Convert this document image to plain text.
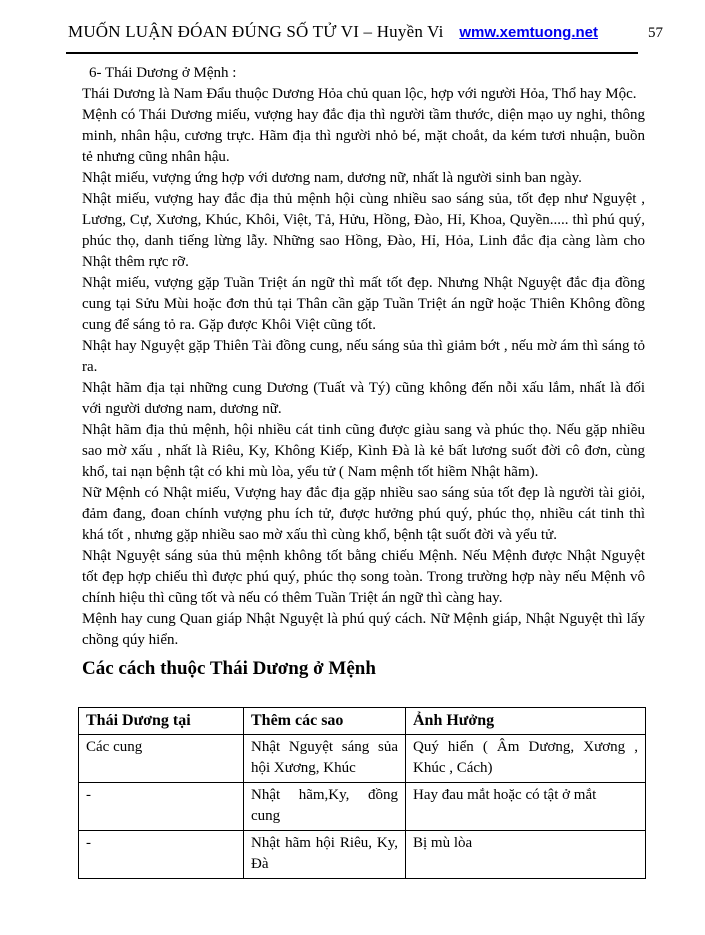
MUỐN LUẬN ĐÓAN ĐÚNG SỐ TỬ VI – Huyền Vi wmw.xemtuong.net	57

6- Thái Dương ở Mệnh :

Thái Dương là Nam Đẩu thuộc Dương Hỏa chủ quan lộc, hợp với người Hỏa, Thổ hay Mộc.

Mệnh có Thái Dương miếu, vượng hay đắc địa thì người tầm thước, diện mạo uy nghi, thông minh, nhân hậu, cương trực. Hãm địa thì người nhỏ bé, mặt choắt, da kém tươi nhuận, buồn tẻ nhưng cũng nhân hậu.

Nhật miếu, vượng ứng hợp với dương nam, dương nữ, nhất là người sinh ban ngày.

Nhật miếu, vượng hay đắc địa thủ mệnh hội cùng nhiều sao sáng sủa, tốt đẹp như Nguyệt , Lương, Cự, Xương, Khúc, Khôi, Việt, Tả, Hửu, Hồng, Đào, Hỉ, Khoa, Quyền..... thì phú quý, phúc thọ, danh tiếng lừng lẫy. Những sao Hồng, Đào, Hỉ, Hỏa, Linh đắc địa càng làm cho Nhật thêm rực rỡ.

Nhật miếu, vượng gặp Tuần Triệt án ngữ thì mất tốt đẹp. Nhưng Nhật Nguyệt đắc địa đồng cung tại Sửu Mùi hoặc đơn thủ tại Thân cần gặp Tuần Triệt án ngữ hoặc Thiên Không đồng cung để sáng tỏ ra. Gặp được Khôi Việt cũng tốt.

Nhật hay Nguyệt gặp Thiên Tài đồng cung, nếu sáng sủa thì giảm bớt , nếu mờ ám thì sáng tỏ ra.

Nhật hãm địa tại những cung Dương (Tuất và Tý) cũng không đến nỗi xấu lắm, nhất là đối với người dương nam, dương nữ.

Nhật hãm địa thủ mệnh, hội nhiều cát tinh cũng được giàu sang và phúc thọ. Nếu gặp nhiều sao mờ xấu , nhất là Riêu, Ky, Không Kiếp, Kình Đà là kẻ bất lương suốt đời cô đơn, cùng khổ, tai nạn bệnh tật có khi mù lòa, yểu tử ( Nam mệnh tốt hiềm Nhật hãm).

Nữ Mệnh có Nhật miếu, Vượng hay đắc địa gặp nhiều sao sáng sủa tốt đẹp là người tài giỏi, đảm đang, đoan chính vượng phu ích tử, được hưởng phú quý, phúc thọ, nhiều cát tinh thì khá tốt , nhưng gặp nhiều sao mờ xấu thì cùng khổ, bệnh tật suốt đời và yểu tử.

Nhật Nguyệt sáng sủa thủ mệnh không tốt bằng chiếu Mệnh. Nếu Mệnh được Nhật Nguyệt tốt đẹp hợp chiếu thì được phú quý, phúc thọ song toàn. Trong trường hợp này nếu Mệnh vô chính hiệu thì cũng tốt và nếu có thêm Tuần Triệt án ngữ thì càng hay.

Mệnh hay cung Quan giáp Nhật Nguyệt là phú quý cách. Nữ Mệnh giáp, Nhật Nguyệt thì lấy chồng qúy hiển.

Các cách thuộc Thái Dương ở Mệnh
Thái Dương tại	Thêm các sao	Ảnh Hưởng
Các cung	Nhật Nguyệt sáng sủa hội Xương, Khúc	Quý hiển ( Âm Dương, Xương , Khúc , Cách)
-	Nhật hãm,Ky, đồng cung	Hay đau mắt hoặc có tật ở mắt
-	Nhật hãm hội Riêu, Ky, Đà	Bị mù lòa
